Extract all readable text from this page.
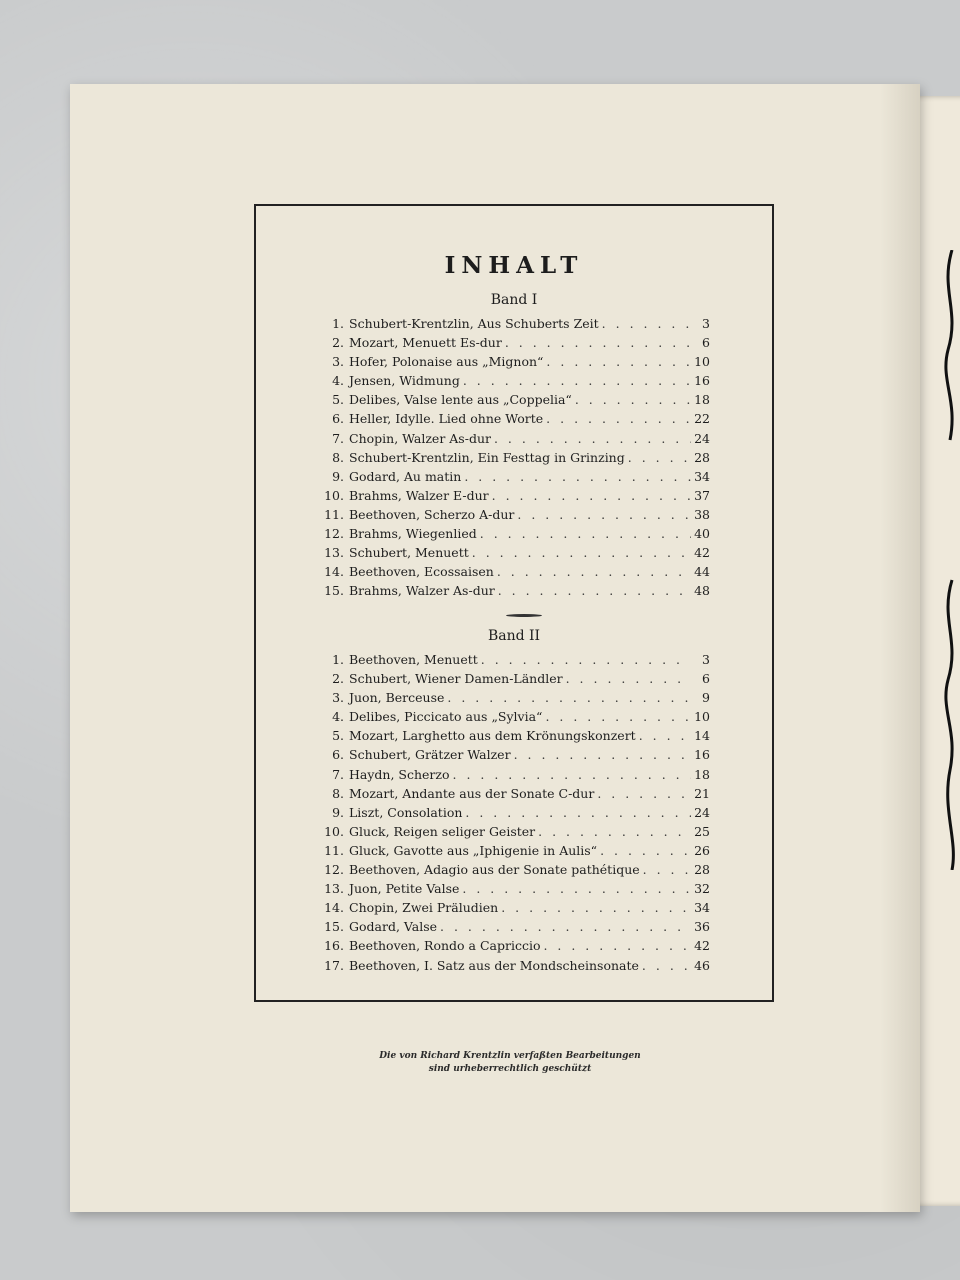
INHALT
Band I
1. Schubert-Krentzlin, Aus Schuberts Zeit . . .	3
2. Mozart, Menuett Es-dur . . .	6
3. Hofer, Polonaise aus „Mignon“ . . .	10
4. Jensen, Widmung . . .	16
5. Delibes, Valse lente aus „Coppelia“ . . .	18
6. Heller, Idylle. Lied ohne Worte . . .	22
7. Chopin, Walzer As-dur . . .	24
8. Schubert-Krentzlin, Ein Festtag in Grinzing . . .	28
9. Godard, Au matin . . .	34
10. Brahms, Walzer E-dur . . .	37
11. Beethoven, Scherzo A-dur . . .	38
12. Brahms, Wiegenlied . . .	40
13. Schubert, Menuett . . .	42
14. Beethoven, Ecossaisen . . .	44
15. Brahms, Walzer As-dur . . .	48
Band II
1. Beethoven, Menuett . . .	3
2. Schubert, Wiener Damen-Ländler . . .	6
3. Juon, Berceuse . . .	9
4. Delibes, Piccicato aus „Sylvia“ . . .	10
5. Mozart, Larghetto aus dem Krönungskonzert . . .	14
6. Schubert, Grätzer Walzer . . .	16
7. Haydn, Scherzo . . .	18
8. Mozart, Andante aus der Sonate C-dur . . .	21
9. Liszt, Consolation . . .	24
10. Gluck, Reigen seliger Geister . . .	25
11. Gluck, Gavotte aus „Iphigenie in Aulis“ . . .	26
12. Beethoven, Adagio aus der Sonate pathétique . . .	28
13. Juon, Petite Valse . . .	32
14. Chopin, Zwei Präludien . . .	34
15. Godard, Valse . . .	36
16. Beethoven, Rondo a Capriccio . . .	42
17. Beethoven, I. Satz aus der Mondscheinsonate . . .	46
Die von Richard Krentzlin verfaßten Bearbeitungen
sind urheberrechtlich geschützt
